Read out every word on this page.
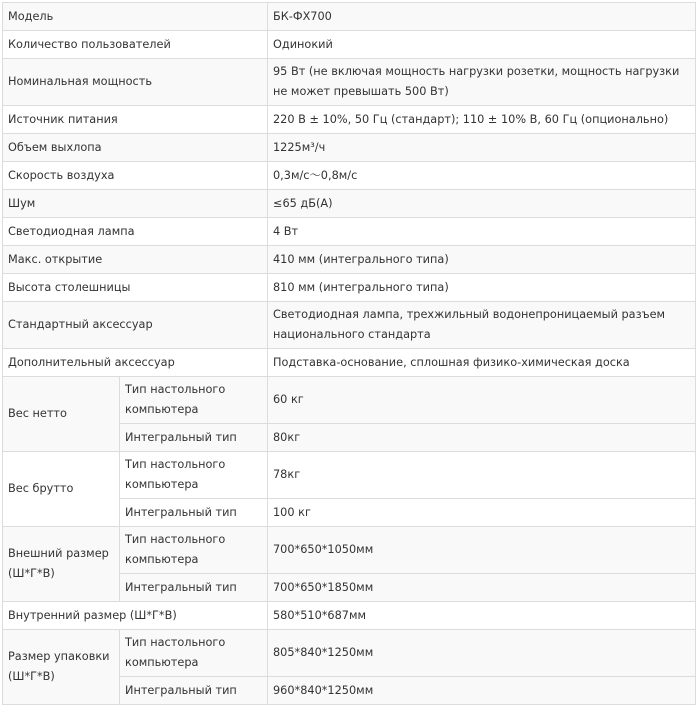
Модель		БК-ФХ700
Количество пользователей		Одинокий
Номинальная мощность		95 Вт (не включая мощность нагрузки розетки, мощность нагрузки не может превышать 500 Вт)
Источник питания		220 В ± 10%, 50 Гц (стандарт); 110 ± 10% В, 60 Гц (опционально)
Объем выхлопа		1225м³/ч
Скорость воздуха		0,3м/с～0,8м/с
Шум		≤65 дБ(А)
Светодиодная лампа		4 Вт
Макс. открытие		410 мм (интегрального типа)
Высота столешницы		810 мм (интегрального типа)
Стандартный аксессуар		Светодиодная лампа, трехжильный водонепроницаемый разъем национального стандарта
Дополнительный аксессуар		Подставка-основание, сплошная физико-химическая доска
Вес нетто	Тип настольного компьютера	60 кг
	Интегральный тип	80кг
Вес брутто	Тип настольного компьютера	78кг
	Интегральный тип	100 кг
Внешний размер (Ш*Г*В)	Тип настольного компьютера	700*650*1050мм
	Интегральный тип	700*650*1850мм
Внутренний размер (Ш*Г*В)		580*510*687мм
Размер упаковки (Ш*Г*В)	Тип настольного компьютера	805*840*1250мм
	Интегральный тип	960*840*1250мм
